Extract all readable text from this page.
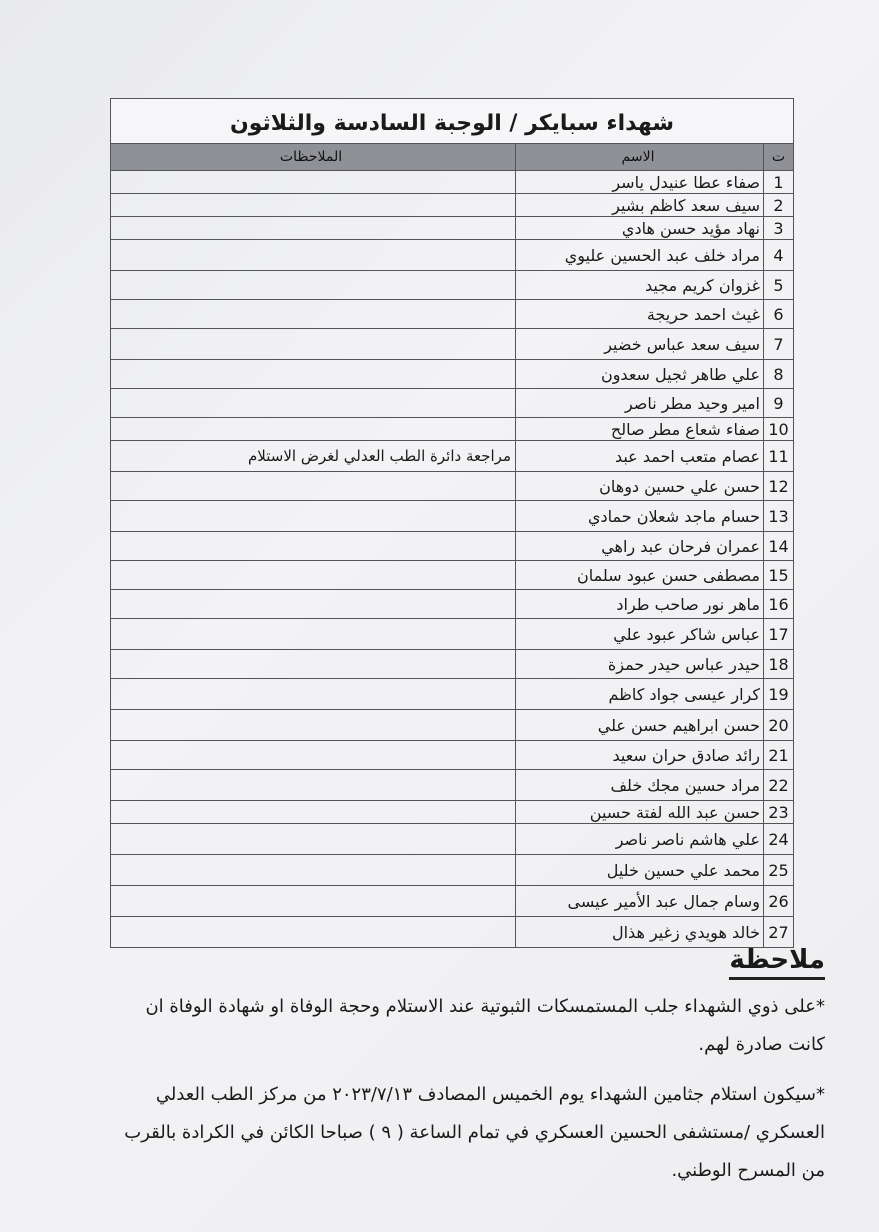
شهداء سبايكر / الوجبة السادسة والثلاثون
ت
الاسم
الملاحظات
1
صفاء عطا عنيدل ياسر
2
سيف سعد كاظم بشير
3
نهاد مؤيد حسن هادي
4
مراد خلف عبد الحسين عليوي
5
غزوان كريم مجيد
6
غيث احمد حريجة
7
سيف سعد عباس خضير
8
علي طاهر ثجيل سعدون
9
امير وحيد مطر ناصر
10
صفاء شعاع مطر صالح
11
عصام متعب احمد عبد
مراجعة دائرة الطب العدلي لغرض الاستلام
12
حسن علي حسين دوهان
13
حسام ماجد شعلان حمادي
14
عمران فرحان عبد راهي
15
مصطفى حسن عبود سلمان
16
ماهر نور صاحب طراد
17
عباس شاكر عبود علي
18
حيدر عباس حيدر حمزة
19
كرار عيسى جواد كاظم
20
حسن ابراهيم حسن علي
21
رائد صادق حران سعيد
22
مراد حسين مجك خلف
23
حسن عبد الله لفتة حسين
24
علي هاشم ناصر ناصر
25
محمد علي حسين خليل
26
وسام جمال عبد الأمير عيسى
27
خالد هويدي زغير هذال
ملاحظة

*على ذوي الشهداء جلب المستمسكات الثبوتية عند الاستلام وحجة الوفاة او شهادة الوفاة ان كانت صادرة لهم.

*سيكون استلام جثامين الشهداء يوم الخميس المصادف ٢٠٢٣/٧/١٣ من مركز الطب العدلي العسكري /مستشفى الحسين العسكري في تمام الساعة ( ٩ ) صباحا الكائن في الكرادة بالقرب من المسرح الوطني.
